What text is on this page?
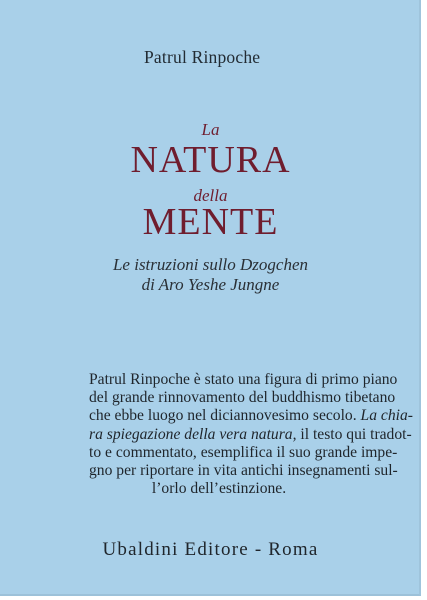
Patrul Rinpoche
La
NATURA
della
MENTE
Le istruzioni sullo Dzogchen
di Aro Yeshe Jungne
Patrul Rinpoche è stato una figura di primo piano
del grande rinnovamento del buddhismo tibetano
che ebbe luogo nel diciannovesimo secolo. La chia-
ra spiegazione della vera natura, il testo qui tradot-
to e commentato, esemplifica il suo grande impe-
gno per riportare in vita antichi insegnamenti sul-
l’orlo dell’estinzione.
Ubaldini Editore - Roma
